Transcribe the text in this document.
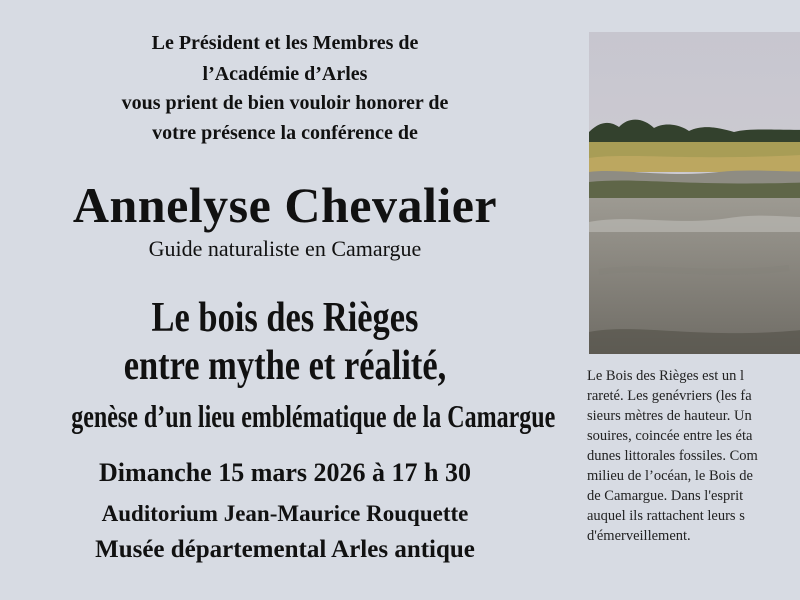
Le Président et les Membres de
l’Académie d’Arles
vous prient de bien vouloir honorer de
votre présence la conférence de
Annelyse Chevalier
Guide naturaliste en Camargue
Le bois des Rièges
entre mythe et réalité,
genèse d’un lieu emblématique de la Camargue
Dimanche 15 mars 2026 à 17 h 30
Auditorium Jean-Maurice Rouquette
Musée départemental Arles antique
Le Bois des Rièges est un l
rareté. Les genévriers (les fa
sieurs mètres de hauteur. Un
souires, coincée entre les éta
dunes littorales fossiles. Com
milieu de l’océan, le Bois de
de Camargue. Dans l'esprit
auquel ils rattachent leurs s
d'émerveillement.
